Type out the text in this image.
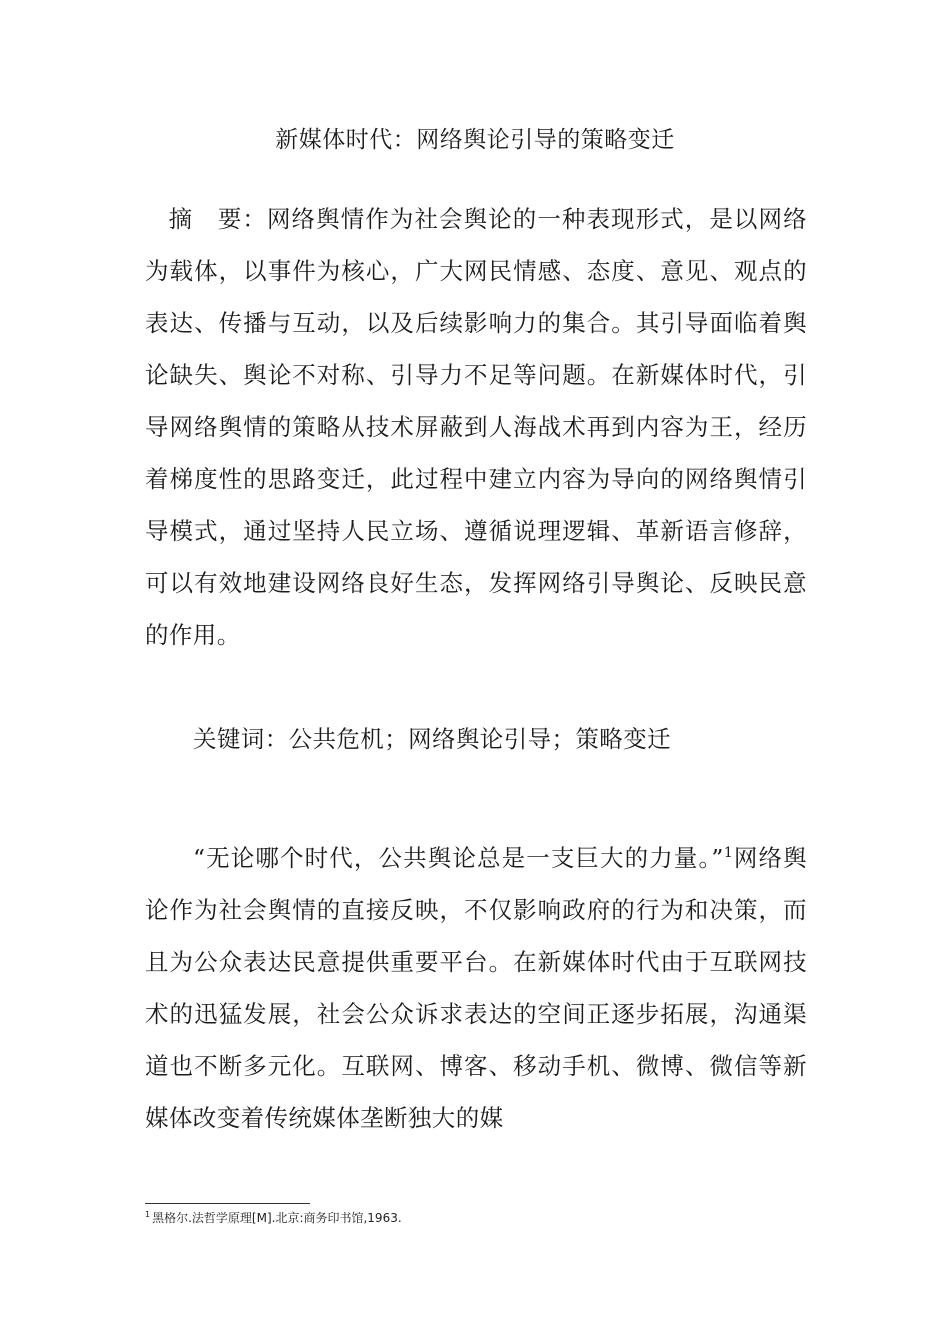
新媒体时代：网络舆论引导的策略变迁

摘　要：网络舆情作为社会舆论的一种表现形式，是以网络为载体，以事件为核心，广大网民情感、态度、意见、观点的表达、传播与互动，以及后续影响力的集合。其引导面临着舆论缺失、舆论不对称、引导力不足等问题。在新媒体时代，引导网络舆情的策略从技术屏蔽到人海战术再到内容为王，经历着梯度性的思路变迁，此过程中建立内容为导向的网络舆情引导模式，通过坚持人民立场、遵循说理逻辑、革新语言修辞，可以有效地建设网络良好生态，发挥网络引导舆论、反映民意的作用。

关键词：公共危机；网络舆论引导；策略变迁

“无论哪个时代，公共舆论总是一支巨大的力量。”$^1$网络舆论作为社会舆情的直接反映，不仅影响政府的行为和决策，而且为公众表达民意提供重要平台。在新媒体时代由于互联网技术的迅猛发展，社会公众诉求表达的空间正逐步拓展，沟通渠道也不断多元化。互联网、博客、移动手机、微博、微信等新媒体改变着传统媒体垄断独大的媒

$^1$ 黑格尔.法哲学原理[M].北京:商务印书馆,1963.
